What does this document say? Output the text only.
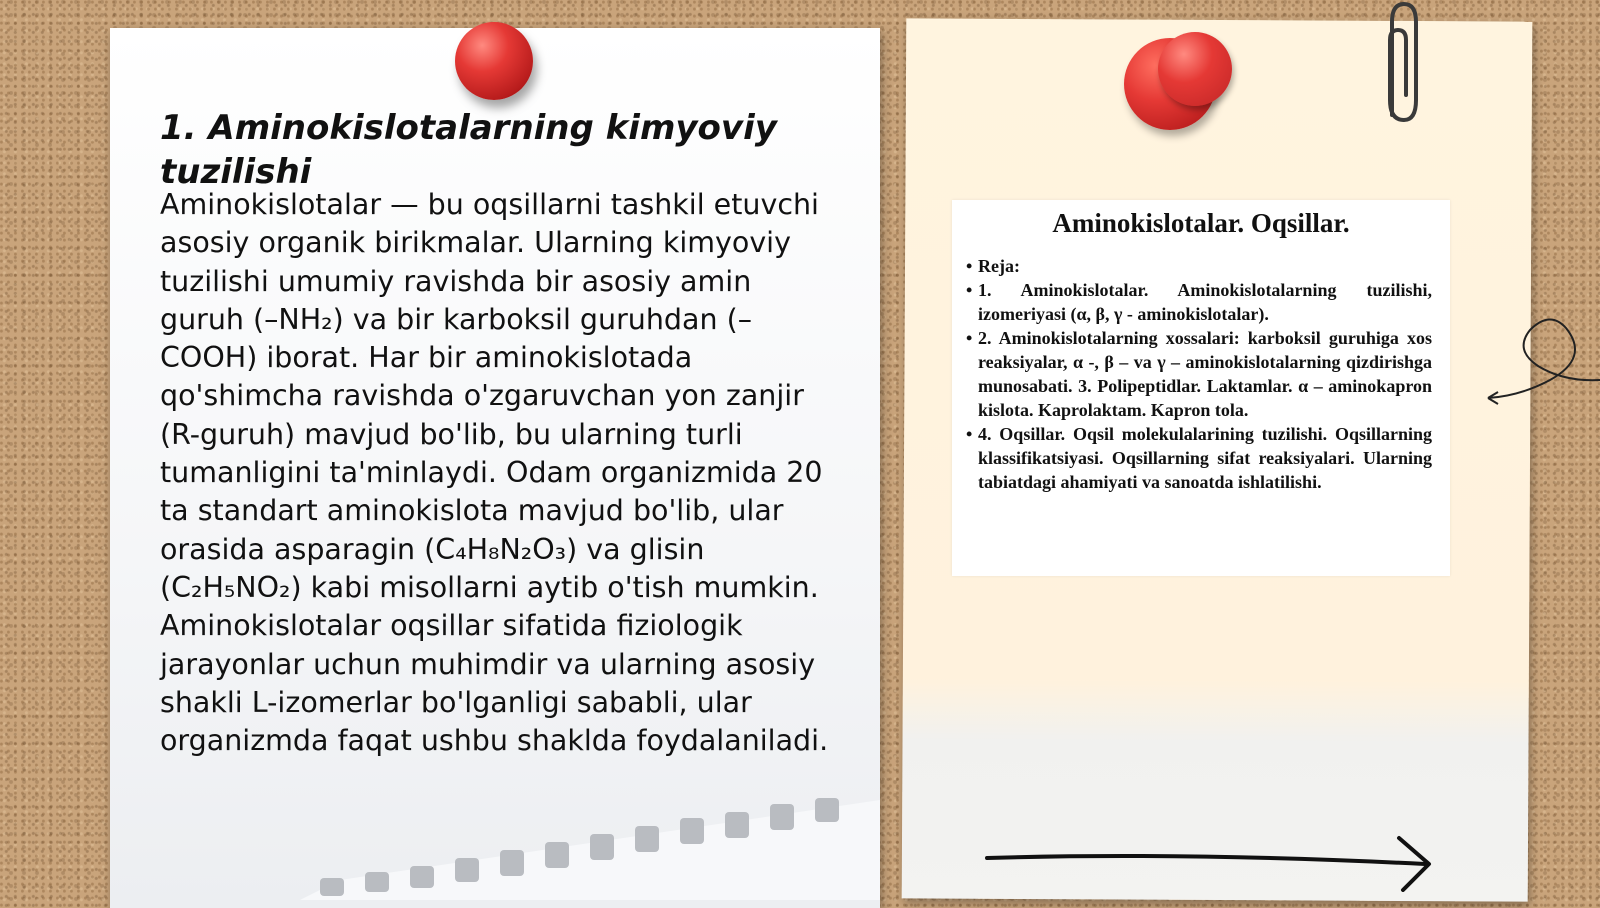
1. Aminokislotalarning kimyoviy tuzilishi

Aminokislotalar — bu oqsillarni tashkil etuvchi asosiy organik birikmalar. Ularning kimyoviy tuzilishi umumiy ravishda bir asosiy amin guruh (–NH₂) va bir karboksil guruhdan (–COOH) iborat. Har bir aminokislotada qo'shimcha ravishda o'zgaruvchan yon zanjir (R-guruh) mavjud bo'lib, bu ularning turli tumanligini ta'minlaydi. Odam organizmida 20 ta standart aminokislota mavjud bo'lib, ular orasida asparagin (C₄H₈N₂O₃) va glisin (C₂H₅NO₂) kabi misollarni aytib o'tish mumkin. Aminokislotalar oqsillar sifatida fiziologik jarayonlar uchun muhimdir va ularning asosiy shakli L-izomerlar bo'lganligi sababli, ular organizmda faqat ushbu shaklda foydalaniladi.

Aminokislotalar. Oqsillar.
• Reja:
• 1. Aminokislotalar. Aminokislotalarning tuzilishi, izomeriyasi (α, β, γ - aminokislotalar).
• 2. Aminokislotalarning xossalari: karboksil guruhiga xos reaksiyalar, α -, β – va γ – aminokislotalarning qizdirishga munosabati. 3. Polipeptidlar. Laktamlar. α – aminokapron kislota. Kaprolaktam. Kapron tola.
• 4. Oqsillar. Oqsil molekulalarining tuzilishi. Oqsillarning klassifikatsiyasi. Oqsillarning sifat reaksiyalari. Ularning tabiatdagi ahamiyati va sanoatda ishlatilishi.
